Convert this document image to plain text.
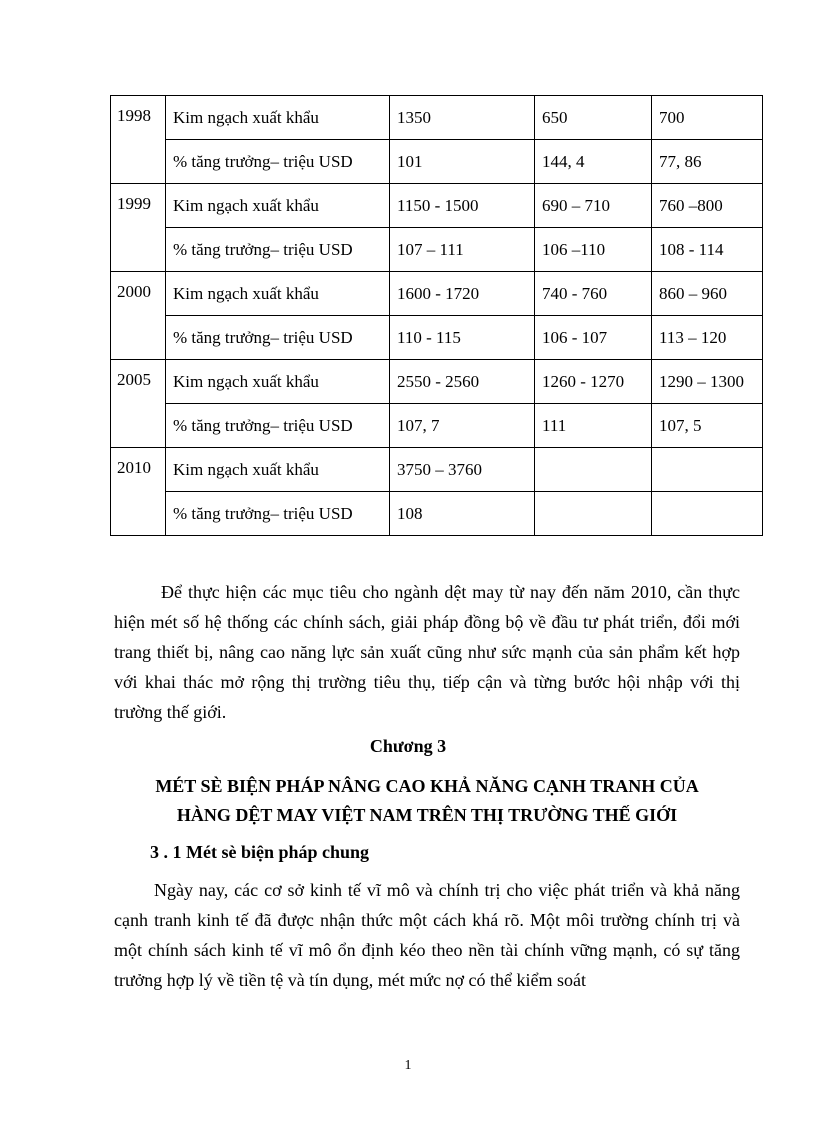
1998	Kim ngạch xuất khẩu	1350	650	700
	% tăng trưởng– triệu USD	101	144, 4	77, 86
1999	Kim ngạch xuất khẩu	1150 - 1500	690 – 710	760 –800
	% tăng trưởng– triệu USD	107 – 111	106 –110	108 - 114
2000	Kim ngạch xuất khẩu	1600 - 1720	740 - 760	860 – 960
	% tăng trưởng– triệu USD	110 - 115	106 - 107	113 – 120
2005	Kim ngạch xuất khẩu	2550 - 2560	1260 - 1270	1290 – 1300
	% tăng trưởng– triệu USD	107, 7	111	107, 5
2010	Kim ngạch xuất khẩu	3750 – 3760		
	% tăng trưởng– triệu USD	108		

Để thực hiện các mục tiêu cho ngành dệt may từ nay đến năm 2010, cần thực hiện mét số hệ thống các chính sách, giải pháp đồng bộ về đầu tư phát triển, đổi mới trang thiết bị, nâng cao năng lực sản xuất cũng như sức mạnh của sản phẩm kết hợp với khai thác mở rộng thị trường tiêu thụ, tiếp cận và từng bước hội nhập với thị trường thế giới.

Chương 3
MÉT SÈ BIỆN PHÁP NÂNG CAO KHẢ NĂNG CẠNH TRANH CỦA
HÀNG DỆT MAY VIỆT NAM TRÊN THỊ TRƯỜNG THẾ GIỚI
3 . 1 Mét sè biện pháp chung

Ngày nay, các cơ sở kinh tế vĩ mô và chính trị cho việc phát triển và khả năng cạnh tranh kinh tế đã được nhận thức một cách khá rõ. Một môi trường chính trị và một chính sách kinh tế vĩ mô ổn định kéo theo nền tài chính vững mạnh, có sự tăng trưởng hợp lý về tiền tệ và tín dụng, mét mức nợ có thể kiểm soát

1
